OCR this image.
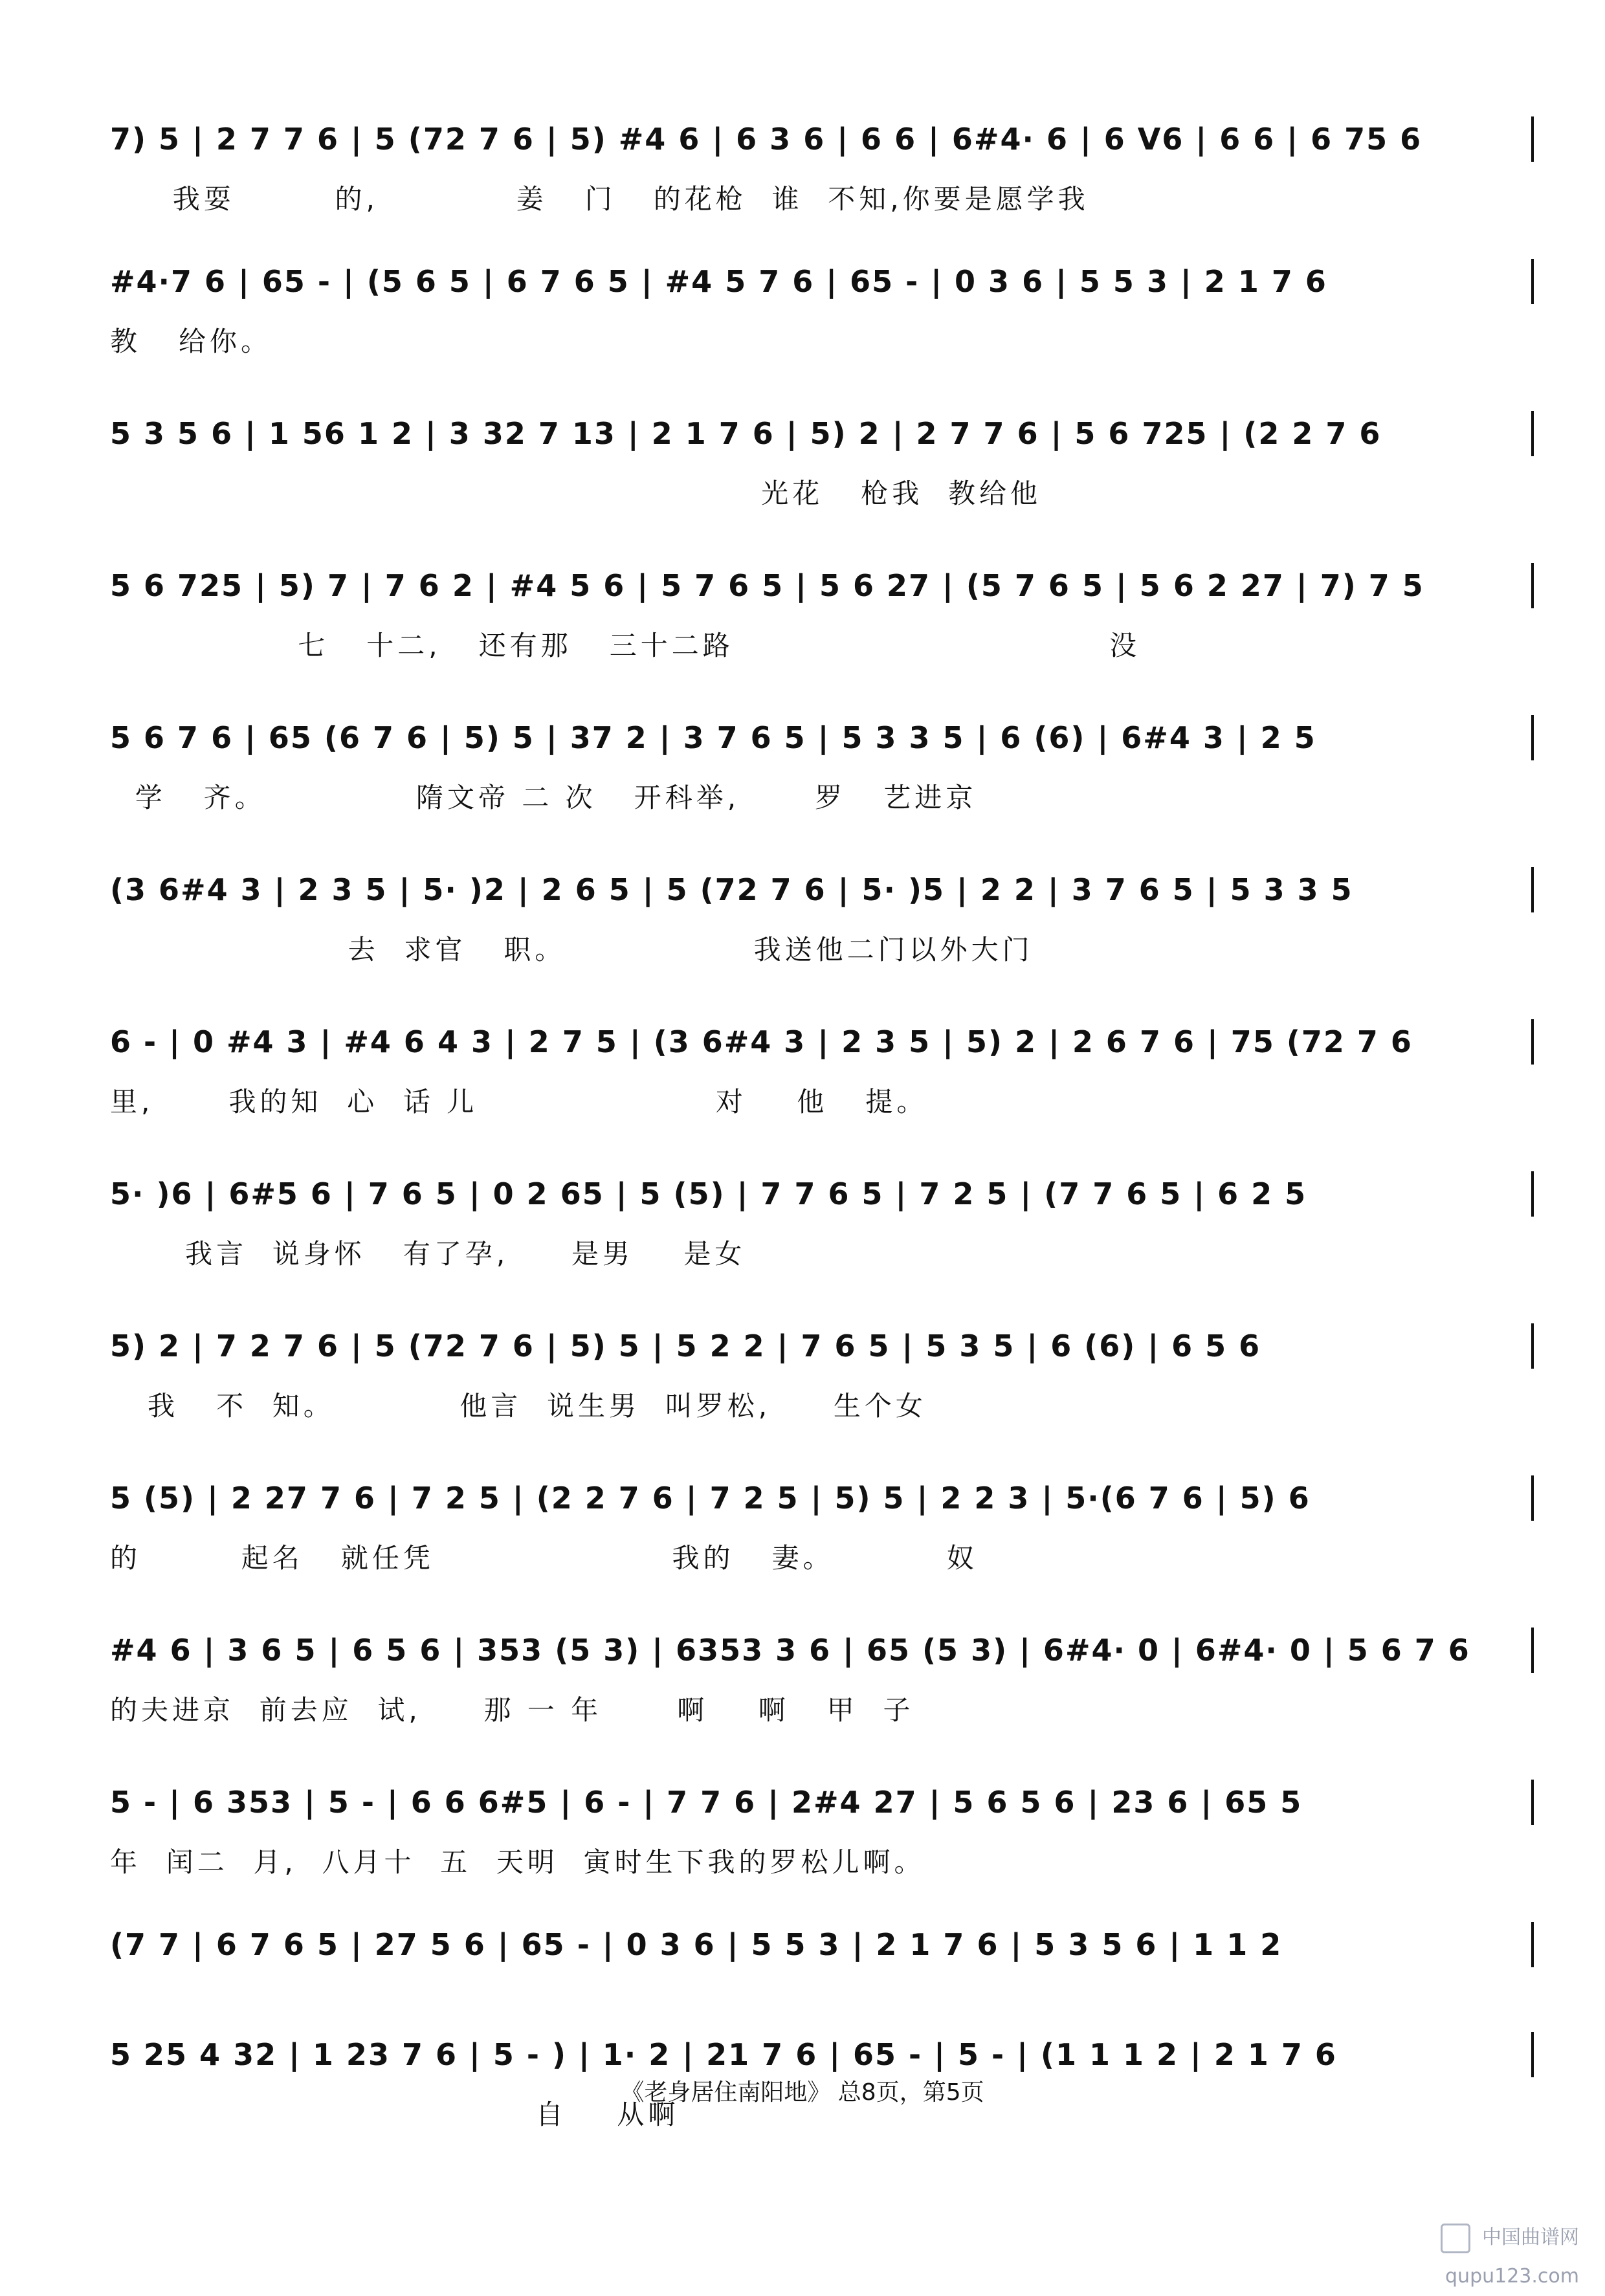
7) 5 | 2 7 7 6 | 5 (72 7 6 | 5) #4 6 | 6 3 6 | 6 6 | 6#4· 6 | 6 V6 | 6 6 | 6 75 6
我耍        的,           姜   门   的花枪  谁  不知,你要是愿学我
#4·7 6 | 65 - | (5 6 5 | 6 7 6 5 | #4 5 7 6 | 65 - | 0 3 6 | 5 5 3 | 2 1 7 6
教   给你。
5 3 5 6 | 1 56 1 2 | 3 32 7 13 | 2 1 7 6 | 5) 2 | 2 7 7 6 | 5 6 725 | (2 2 7 6
光花   枪我  教给他
5 6 725 | 5) 7 | 7 6 2 | #4 5 6 | 5 7 6 5 | 5 6 27 | (5 7 6 5 | 5 6 2 27 | 7) 7 5
七   十二,   还有那   三十二路                              没
5 6 7 6 | 65 (6 7 6 | 5) 5 | 37 2 | 3 7 6 5 | 5 3 3 5 | 6 (6) | 6#4 3 | 2 5
学   齐。            隋文帝 二 次   开科举,      罗   艺进京
(3 6#4 3 | 2 3 5 | 5· )2 | 2 6 5 | 5 (72 7 6 | 5· )5 | 2 2 | 3 7 6 5 | 5 3 3 5
去  求官   职。               我送他二门以外大门
6 - | 0 #4 3 | #4 6 4 3 | 2 7 5 | (3 6#4 3 | 2 3 5 | 5) 2 | 2 6 7 6 | 75 (72 7 6
里,      我的知  心  话 儿                   对    他   提。
5· )6 | 6#5 6 | 7 6 5 | 0 2 65 | 5 (5) | 7 7 6 5 | 7 2 5 | (7 7 6 5 | 6 2 5
我言  说身怀   有了孕,     是男    是女
5) 2 | 7 2 7 6 | 5 (72 7 6 | 5) 5 | 5 2 2 | 7 6 5 | 5 3 5 | 6 (6) | 6 5 6
我   不  知。          他言  说生男  叫罗松,     生个女
5 (5) | 2 27 7 6 | 7 2 5 | (2 2 7 6 | 7 2 5 | 5) 5 | 2 2 3 | 5·(6 7 6 | 5) 6
的        起名   就任凭                   我的   妻。         奴
#4 6 | 3 6 5 | 6 5 6 | 353 (5 3) | 6353 3 6 | 65 (5 3) | 6#4· 0 | 6#4· 0 | 5 6 7 6
的夫进京  前去应  试,     那 一 年      啊    啊   甲  子
5 - | 6 353 | 5 - | 6 6 6#5 | 6 - | 7 7 6 | 2#4 27 | 5 6 5 6 | 23 6 | 65 5
年  闰二  月,  八月十  五  天明  寅时生下我的罗松儿啊。
(7 7 | 6 7 6 5 | 27 5 6 | 65 - | 0 3 6 | 5 5 3 | 2 1 7 6 | 5 3 5 6 | 1 1 2
5 25 4 32 | 1 23 7 6 | 5 - ) | 1· 2 | 21 7 6 | 65 - | 5 - | (1 1 1 2 | 2 1 7 6
自    从啊
《老身居住南阳地》 总8页，第5页
中国曲谱网 qupu123.com
